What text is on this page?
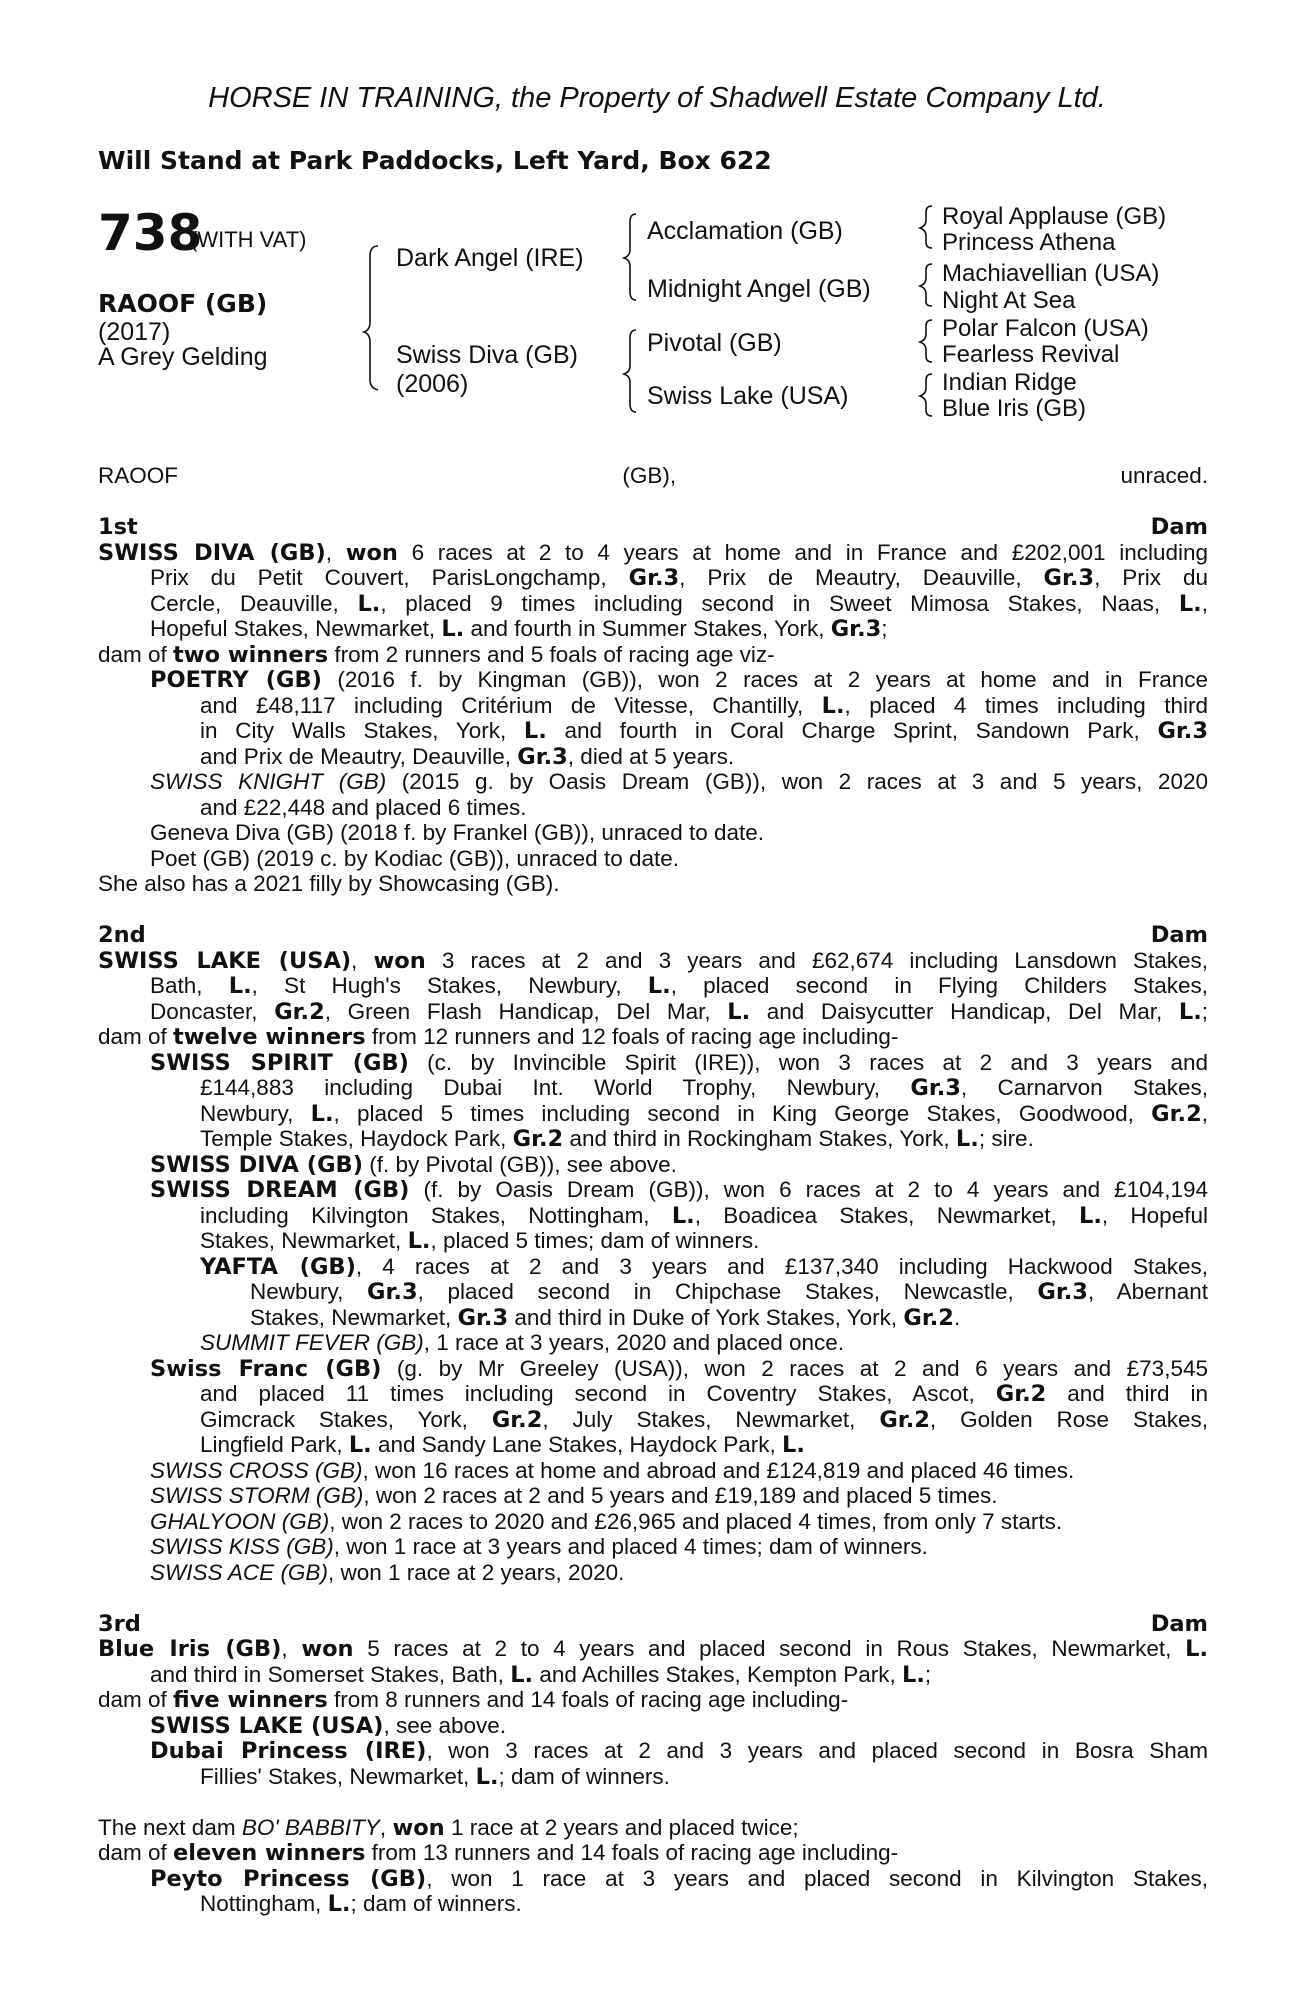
HORSE IN TRAINING, the Property of Shadwell Estate Company Ltd.
Will Stand at Park Paddocks, Left Yard, Box 622
738
(WITH VAT)
RAOOF (GB)
(2017)
A Grey Gelding
Dark Angel (IRE)
Swiss Diva (GB)
(2006)
Acclamation (GB)
Midnight Angel (GB)
Pivotal (GB)
Swiss Lake (USA)
Royal Applause (GB)
Princess Athena
Machiavellian (USA)
Night At Sea
Polar Falcon (USA)
Fearless Revival
Indian Ridge
Blue Iris (GB)
RAOOF (GB), unraced.
1st Dam
SWISS DIVA (GB), won 6 races at 2 to 4 years at home and in France and £202,001 including
Prix du Petit Couvert, ParisLongchamp, Gr.3, Prix de Meautry, Deauville, Gr.3, Prix du
Cercle, Deauville, L., placed 9 times including second in Sweet Mimosa Stakes, Naas, L.,
Hopeful Stakes, Newmarket, L. and fourth in Summer Stakes, York, Gr.3;
dam of two winners from 2 runners and 5 foals of racing age viz-
POETRY (GB) (2016 f. by Kingman (GB)), won 2 races at 2 years at home and in France
and £48,117 including Critérium de Vitesse, Chantilly, L., placed 4 times including third
in City Walls Stakes, York, L. and fourth in Coral Charge Sprint, Sandown Park, Gr.3
and Prix de Meautry, Deauville, Gr.3, died at 5 years.
SWISS KNIGHT (GB) (2015 g. by Oasis Dream (GB)), won 2 races at 3 and 5 years, 2020
and £22,448 and placed 6 times.
Geneva Diva (GB) (2018 f. by Frankel (GB)), unraced to date.
Poet (GB) (2019 c. by Kodiac (GB)), unraced to date.
She also has a 2021 filly by Showcasing (GB).
2nd Dam
SWISS LAKE (USA), won 3 races at 2 and 3 years and £62,674 including Lansdown Stakes,
Bath, L., St Hugh's Stakes, Newbury, L., placed second in Flying Childers Stakes,
Doncaster, Gr.2, Green Flash Handicap, Del Mar, L. and Daisycutter Handicap, Del Mar, L.;
dam of twelve winners from 12 runners and 12 foals of racing age including-
SWISS SPIRIT (GB) (c. by Invincible Spirit (IRE)), won 3 races at 2 and 3 years and
£144,883 including Dubai Int. World Trophy, Newbury, Gr.3, Carnarvon Stakes,
Newbury, L., placed 5 times including second in King George Stakes, Goodwood, Gr.2,
Temple Stakes, Haydock Park, Gr.2 and third in Rockingham Stakes, York, L.; sire.
SWISS DIVA (GB) (f. by Pivotal (GB)), see above.
SWISS DREAM (GB) (f. by Oasis Dream (GB)), won 6 races at 2 to 4 years and £104,194
including Kilvington Stakes, Nottingham, L., Boadicea Stakes, Newmarket, L., Hopeful
Stakes, Newmarket, L., placed 5 times; dam of winners.
YAFTA (GB), 4 races at 2 and 3 years and £137,340 including Hackwood Stakes,
Newbury, Gr.3, placed second in Chipchase Stakes, Newcastle, Gr.3, Abernant
Stakes, Newmarket, Gr.3 and third in Duke of York Stakes, York, Gr.2.
SUMMIT FEVER (GB), 1 race at 3 years, 2020 and placed once.
Swiss Franc (GB) (g. by Mr Greeley (USA)), won 2 races at 2 and 6 years and £73,545
and placed 11 times including second in Coventry Stakes, Ascot, Gr.2 and third in
Gimcrack Stakes, York, Gr.2, July Stakes, Newmarket, Gr.2, Golden Rose Stakes,
Lingfield Park, L. and Sandy Lane Stakes, Haydock Park, L.
SWISS CROSS (GB), won 16 races at home and abroad and £124,819 and placed 46 times.
SWISS STORM (GB), won 2 races at 2 and 5 years and £19,189 and placed 5 times.
GHALYOON (GB), won 2 races to 2020 and £26,965 and placed 4 times, from only 7 starts.
SWISS KISS (GB), won 1 race at 3 years and placed 4 times; dam of winners.
SWISS ACE (GB), won 1 race at 2 years, 2020.
3rd Dam
Blue Iris (GB), won 5 races at 2 to 4 years and placed second in Rous Stakes, Newmarket, L.
and third in Somerset Stakes, Bath, L. and Achilles Stakes, Kempton Park, L.;
dam of five winners from 8 runners and 14 foals of racing age including-
SWISS LAKE (USA), see above.
Dubai Princess (IRE), won 3 races at 2 and 3 years and placed second in Bosra Sham
Fillies' Stakes, Newmarket, L.; dam of winners.
The next dam BO' BABBITY, won 1 race at 2 years and placed twice;
dam of eleven winners from 13 runners and 14 foals of racing age including-
Peyto Princess (GB), won 1 race at 3 years and placed second in Kilvington Stakes,
Nottingham, L.; dam of winners.
